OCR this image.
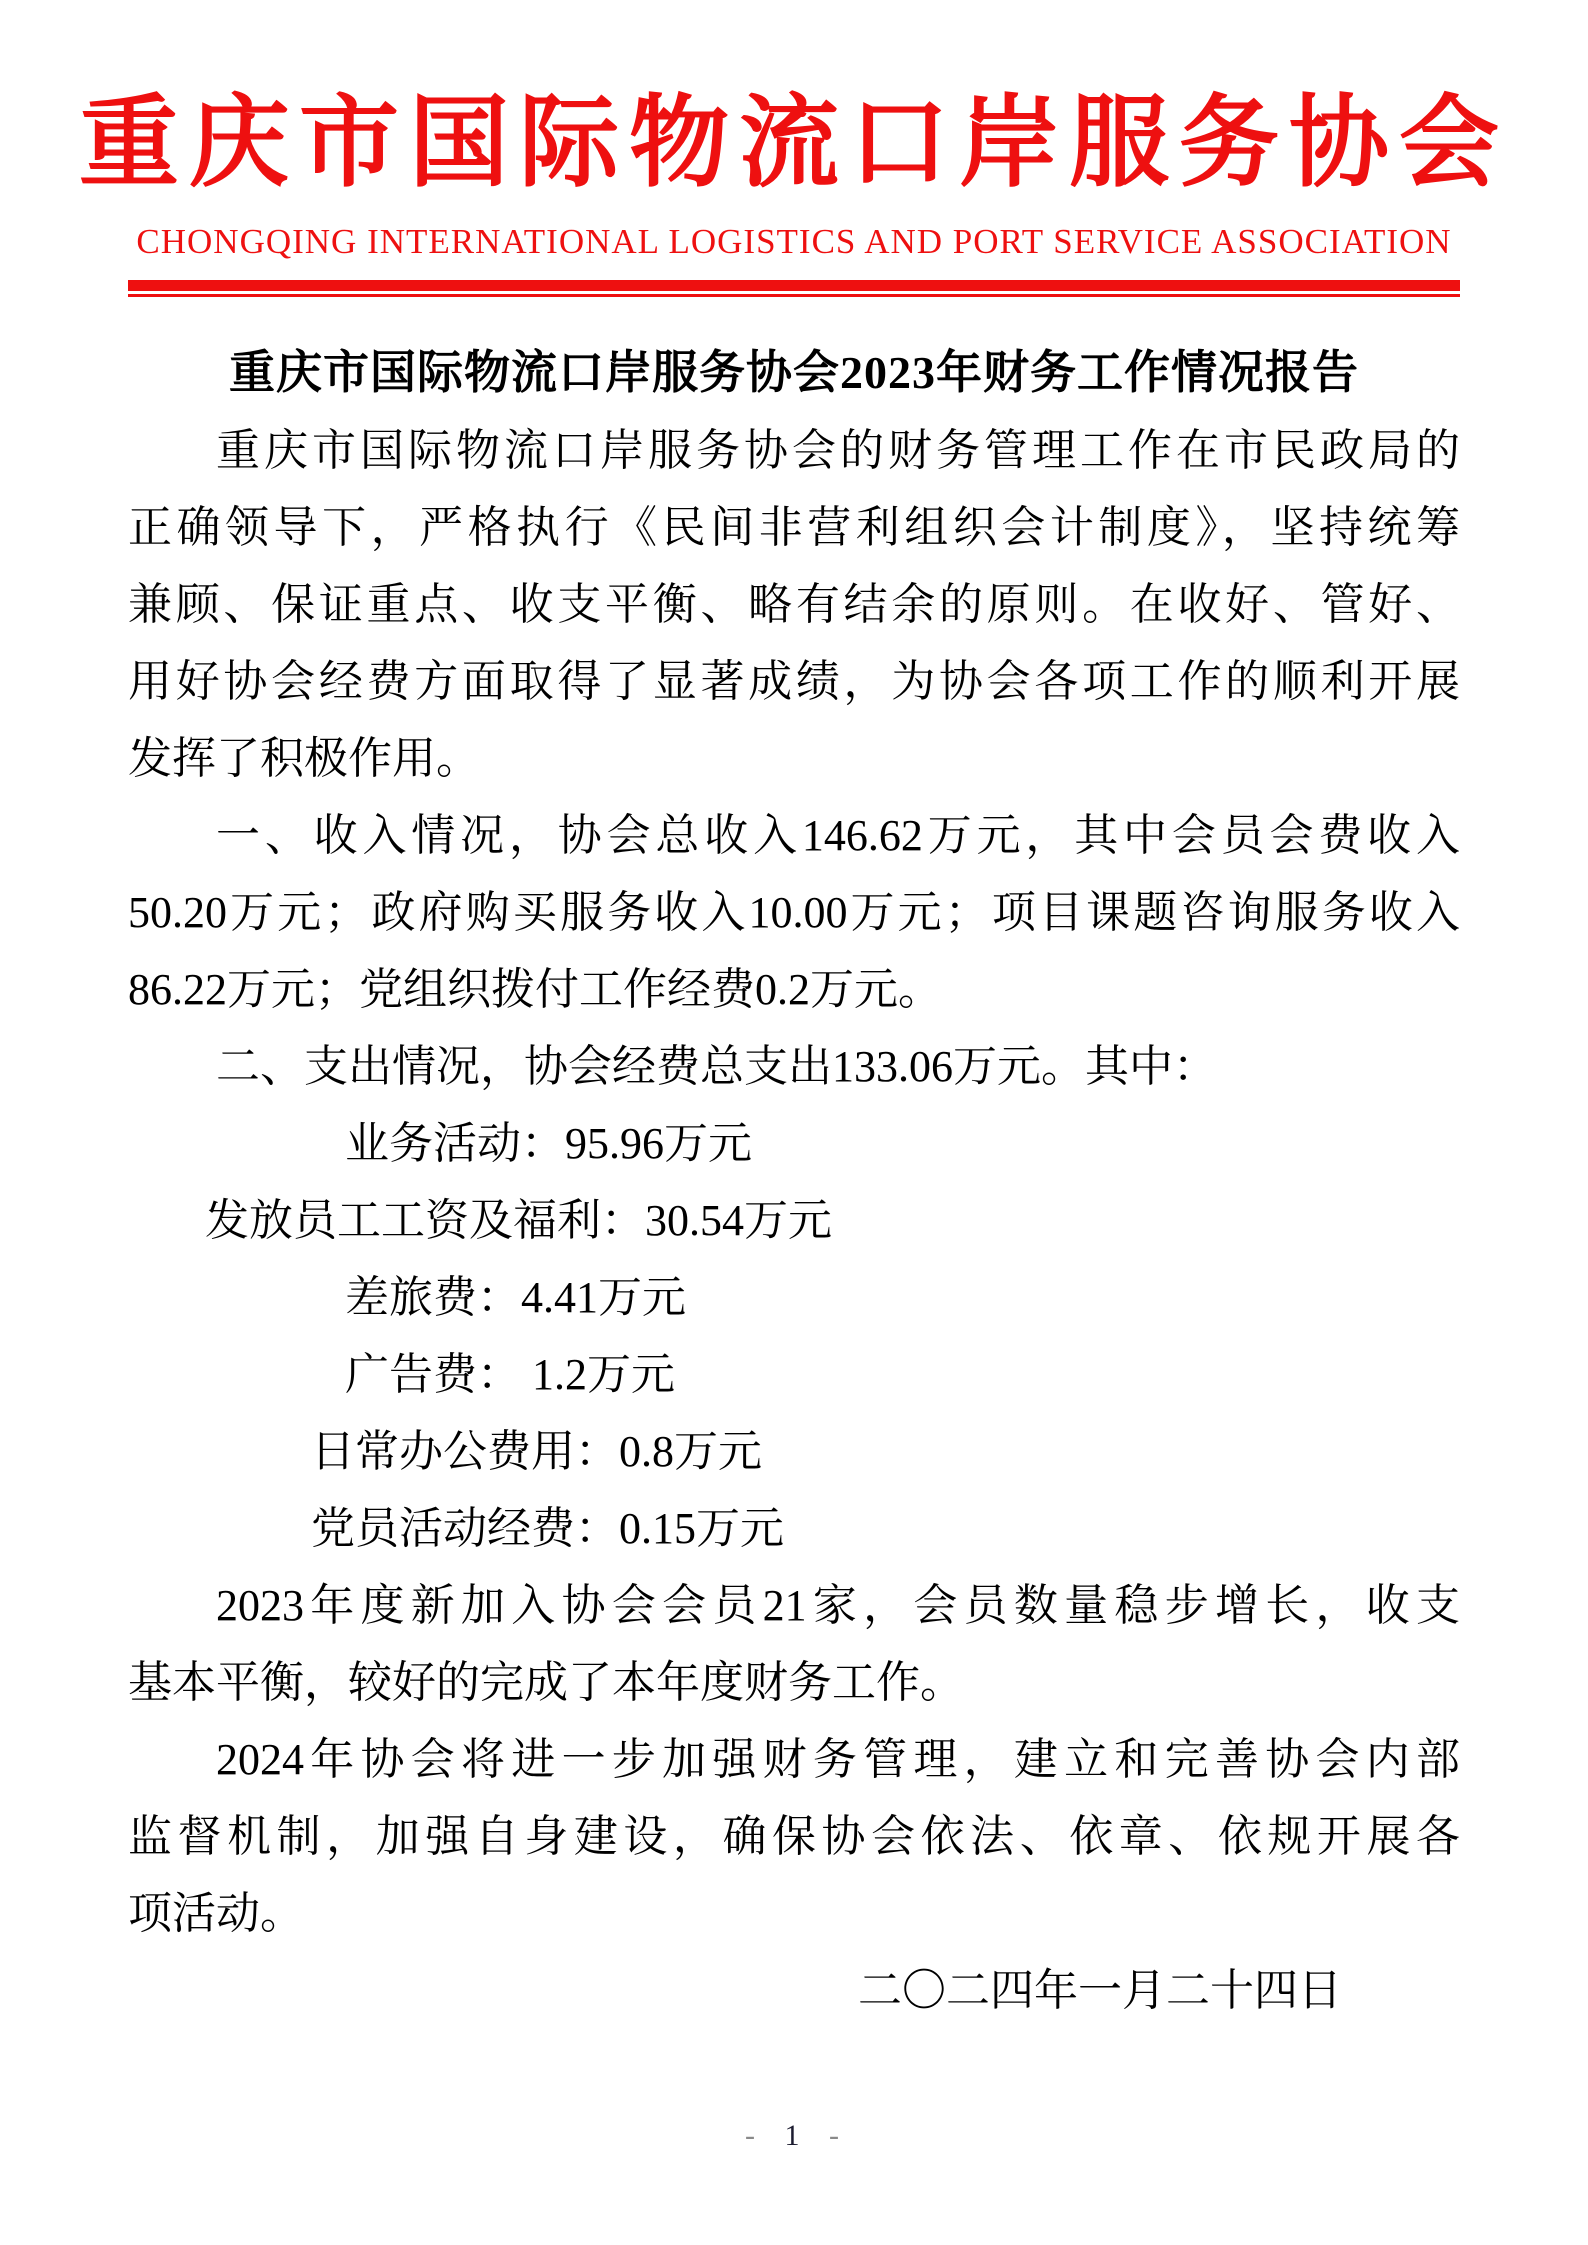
重庆市国际物流口岸服务协会
CHONGQING INTERNATIONAL LOGISTICS AND PORT SERVICE ASSOCIATION
重庆市国际物流口岸服务协会2023年财务工作情况报告

重庆市国际物流口岸服务协会的财务管理工作在市民政局的

正确领导下，严格执行《民间非营利组织会计制度》，坚持统筹

兼顾、保证重点、收支平衡、略有结余的原则。在收好、管好、

用好协会经费方面取得了显著成绩，为协会各项工作的顺利开展

发挥了积极作用。

一、收入情况，协会总收入146.62万元，其中会员会费收入

50.20万元；政府购买服务收入10.00万元；项目课题咨询服务收入

86.22万元；党组织拨付工作经费0.2万元。

二、支出情况，协会经费总支出133.06万元。其中：

业务活动：95.96万元

发放员工工资及福利：30.54万元

差旅费：4.41万元

广告费： 1.2万元

日常办公费用：0.8万元

党员活动经费：0.15万元

2023年度新加入协会会员21家，会员数量稳步增长，收支

基本平衡，较好的完成了本年度财务工作。

2024年协会将进一步加强财务管理，建立和完善协会内部

监督机制，加强自身建设，确保协会依法、依章、依规开展各

项活动。

二〇二四年一月二十四日

- 1 -
